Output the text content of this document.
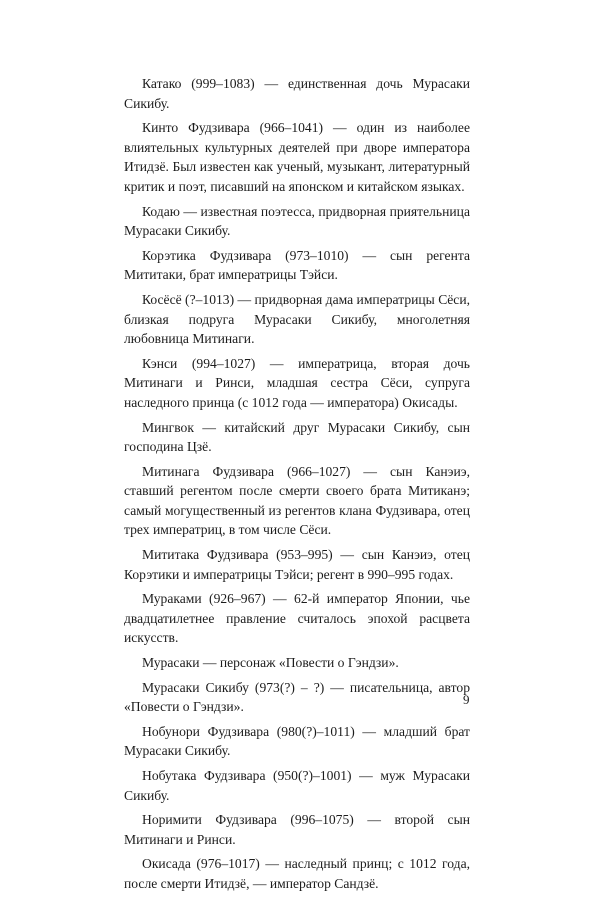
Катако (999–1083) — единственная дочь Мурасаки Сикибу.

Кинто Фудзивара (966–1041) — один из наиболее влиятельных культурных деятелей при дворе императора Итидзё. Был известен как ученый, музыкант, литературный критик и поэт, писавший на японском и китайском языках.

Кодаю — известная поэтесса, придворная приятельница Мурасаки Сикибу.

Корэтика Фудзивара (973–1010) — сын регента Мититаки, брат императрицы Тэйси.

Косёсё (?–1013) — придворная дама императрицы Сёси, близкая подруга Мурасаки Сикибу, многолетняя любовница Митинаги.

Кэнси (994–1027) — императрица, вторая дочь Митинаги и Ринси, младшая сестра Сёси, супруга наследного принца (с 1012 года — императора) Окисады.

Мингвок — китайский друг Мурасаки Сикибу, сын господина Цзё.

Митинага Фудзивара (966–1027) — сын Канэиэ, ставший регентом после смерти своего брата Митиканэ; самый могущественный из регентов клана Фудзивара, отец трех императриц, в том числе Сёси.

Мититака Фудзивара (953–995) — сын Канэиэ, отец Корэтики и императрицы Тэйси; регент в 990–995 годах.

Мураками (926–967) — 62-й император Японии, чье двадцатилетнее правление считалось эпохой расцвета искусств.

Мурасаки — персонаж «Повести о Гэндзи».

Мурасаки Сикибу (973(?) – ?) — писательница, автор «Повести о Гэндзи».

Нобунори Фудзивара (980(?)–1011) — младший брат Мурасаки Сикибу.

Нобутака Фудзивара (950(?)–1001) — муж Мурасаки Сикибу.

Норимити Фудзивара (996–1075) — второй сын Митинаги и Ринси.

Окисада (976–1017) — наследный принц; с 1012 года, после смерти Итидзё, — император Сандзё.

9
